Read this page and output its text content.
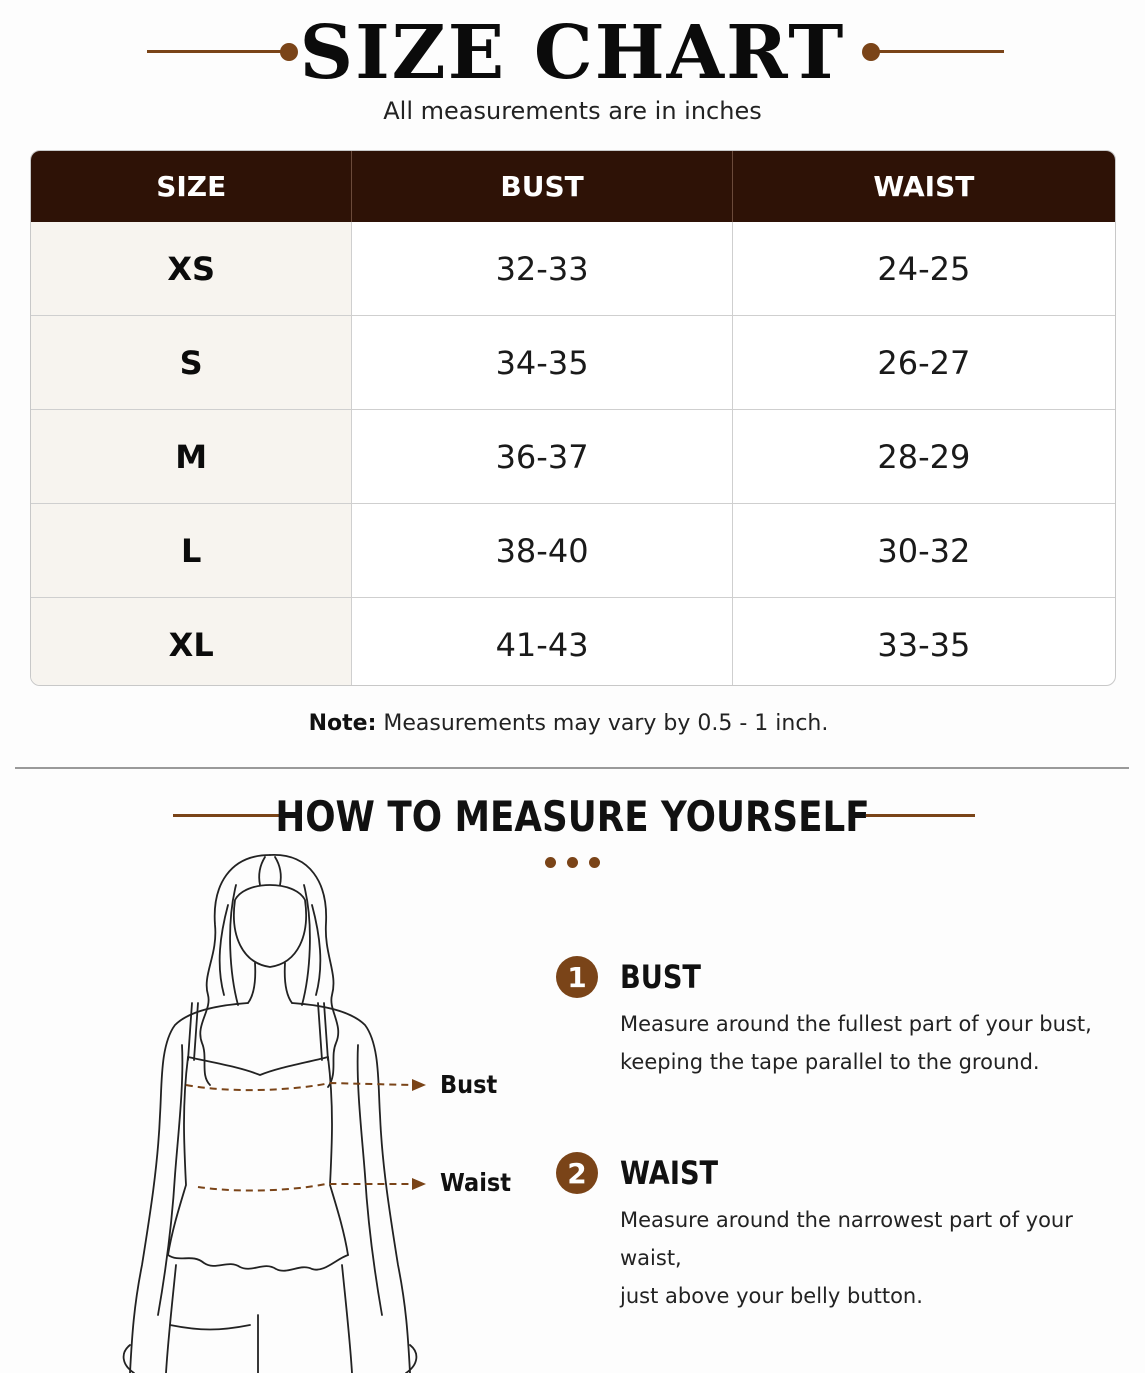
SIZE CHART
All measurements are in inches
SIZE	BUST	WAIST
XS	32-33	24-25
S	34-35	26-27
M	36-37	28-29
L	38-40	30-32
XL	41-43	33-35
Note: Measurements may vary by 0.5 - 1 inch.
HOW TO MEASURE YOURSELF
Bust
Waist
1	BUST
Measure around the fullest part of your bust,
keeping the tape parallel to the ground.
2	WAIST
Measure around the narrowest part of your waist,
just above your belly button.
